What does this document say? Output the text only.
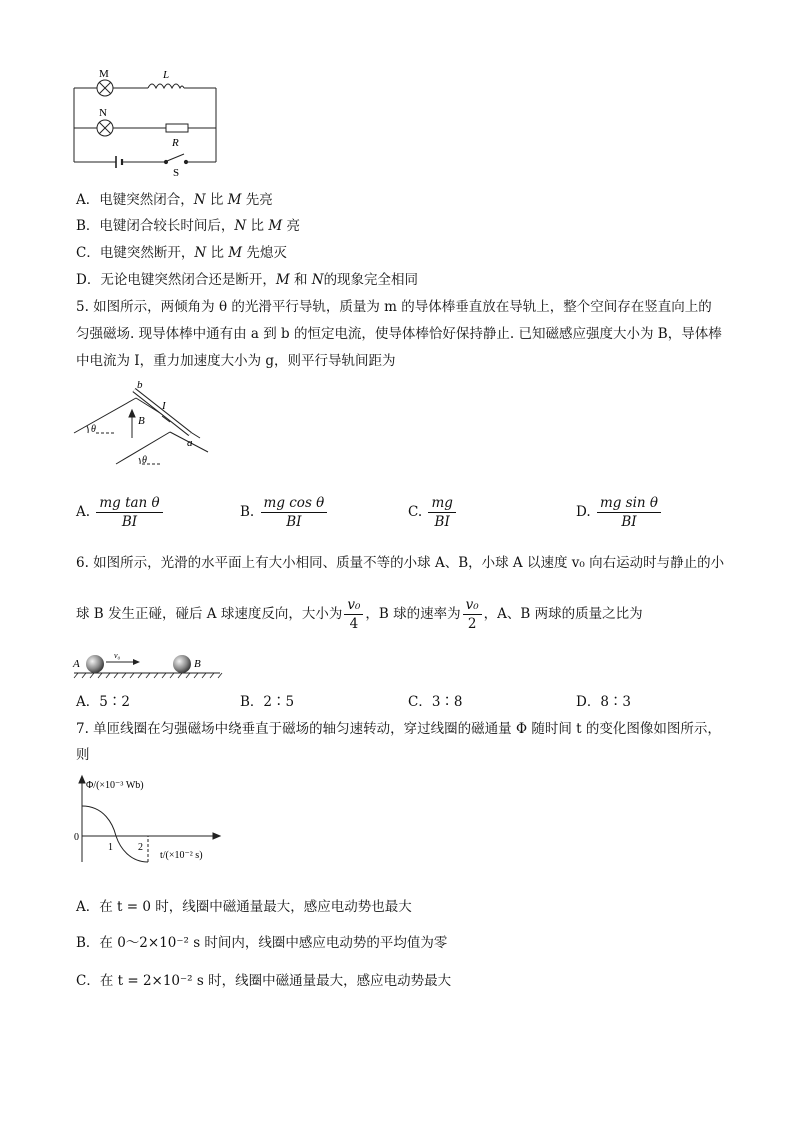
M
N
L
R
S
A．电键突然闭合，N 比 M 先亮
B．电键闭合较长时间后，N 比 M 亮
C．电键突然断开，N 比 M 先熄灭
D．无论电键突然闭合还是断开，M 和 N的现象完全相同
5. 如图所示，两倾角为 θ 的光滑平行导轨，质量为 m 的导体棒垂直放在导轨上，整个空间存在竖直向上的
匀强磁场. 现导体棒中通有由 a 到 b 的恒定电流，使导体棒恰好保持静止. 已知磁感应强度大小为 B，导体棒
中电流为 I，重力加速度大小为 g，则平行导轨间距为
b
a
B
I
θ
θ
A. $\frac{\text{mg tan θ}}{BI}$	B. $\frac{\text{mg cos θ}}{BI}$	C. $\frac{mg}{BI}$	D. $\frac{\text{mg sin θ}}{BI}$
6. 如图所示，光滑的水平面上有大小相同、质量不等的小球 A、B，小球 A 以速度 v₀ 向右运动时与静止的小
球 B 发生正碰，碰后 A 球速度反向，大小为 $\frac{\text{v₀}}{4}$ ，B 球的速率为 $\frac{\text{v₀}}{2}$ ，A、B 两球的质量之比为
A	B
v₀
A．5∶2	B．2∶5	C．3∶8	D．8∶3
7. 单匝线圈在匀强磁场中绕垂直于磁场的轴匀速转动，穿过线圈的磁通量 Φ 随时间 t 的变化图像如图所示，
则
Φ/(×10⁻³ Wb)
0
1	2
t/(×10⁻² s)
A．在 t = 0 时，线圈中磁通量最大，感应电动势也最大
B．在 0～2×10⁻² s 时间内，线圈中感应电动势的平均值为零
C．在 t = 2×10⁻² s 时，线圈中磁通量最大，感应电动势最大
